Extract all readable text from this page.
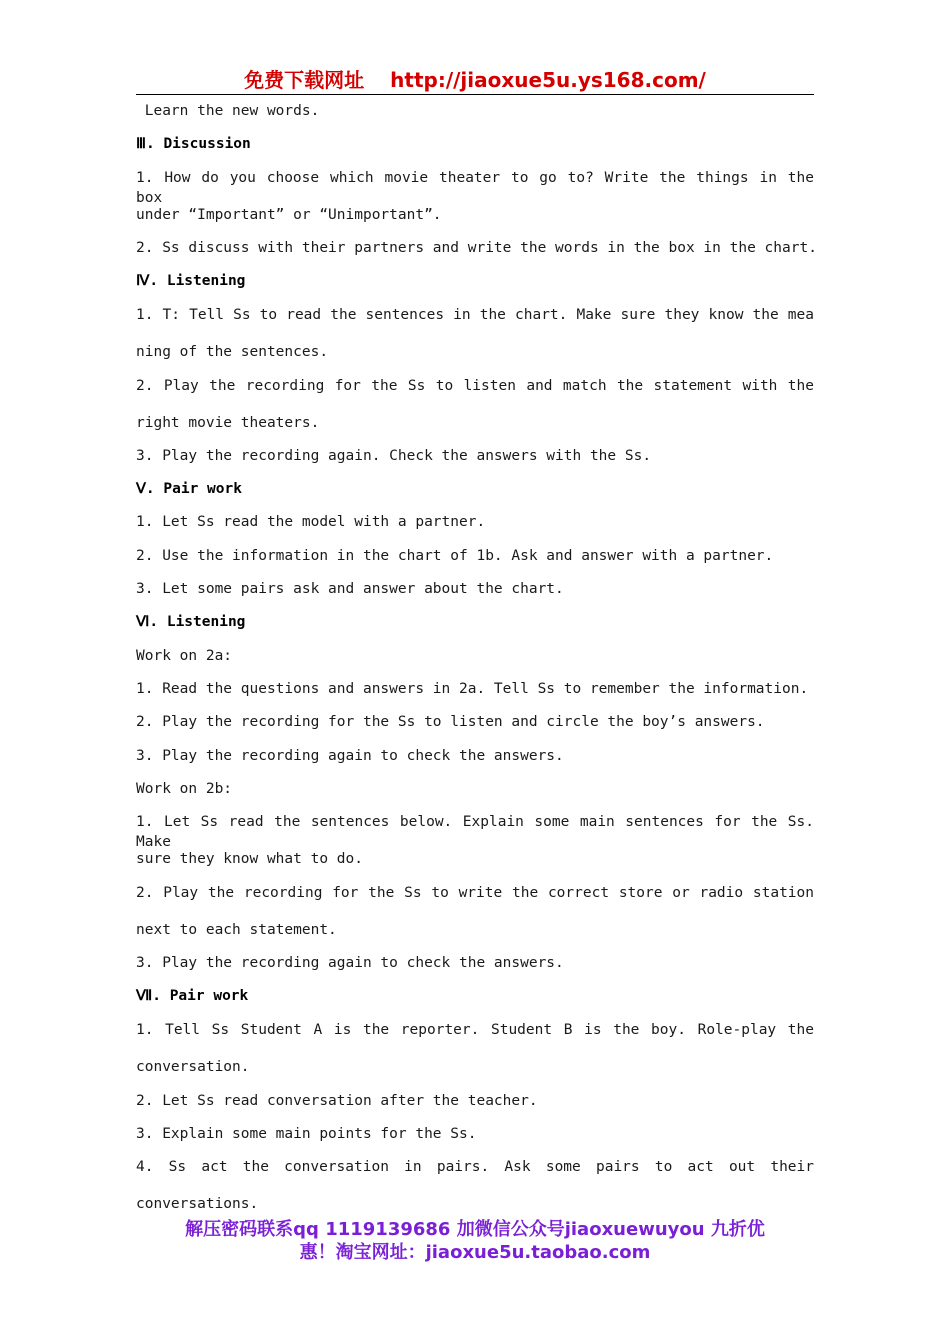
免费下载网址 http://jiaoxue5u.ys168.com/
Learn the new words.
Ⅲ. Discussion
1. How do you choose which movie theater to go to? Write the things in the box
under “Important” or “Unimportant”.
2. Ss discuss with their partners and write the words in the box in the chart.
Ⅳ. Listening
1. T: Tell Ss to read the sentences in the chart. Make sure they know the mea
ning of the sentences.
2. Play the recording for the Ss to listen and match the statement with the
right movie theaters.
3. Play the recording again. Check the answers with the Ss.
Ⅴ. Pair work
1. Let Ss read the model with a partner.
2. Use the information in the chart of 1b. Ask and answer with a partner.
3. Let some pairs ask and answer about the chart.
Ⅵ. Listening
Work on 2a:
1. Read the questions and answers in 2a. Tell Ss to remember the information.
2. Play the recording for the Ss to listen and circle the boy’s answers.
3. Play the recording again to check the answers.
Work on 2b:
1. Let Ss read the sentences below. Explain some main sentences for the Ss. Make
sure they know what to do.
2. Play the recording for the Ss to write the correct store or radio station
next to each statement.
3. Play the recording again to check the answers.
Ⅶ. Pair work
1. Tell Ss Student A is the reporter. Student B is the boy. Role-play the
conversation.
2. Let Ss read conversation after the teacher.
3. Explain some main points for the Ss.
4. Ss act the conversation in pairs. Ask some pairs to act out their
conversations.
解压密码联系qq 1119139686 加微信公众号jiaoxuewuyou 九折优
惠！淘宝网址：jiaoxue5u.taobao.com
